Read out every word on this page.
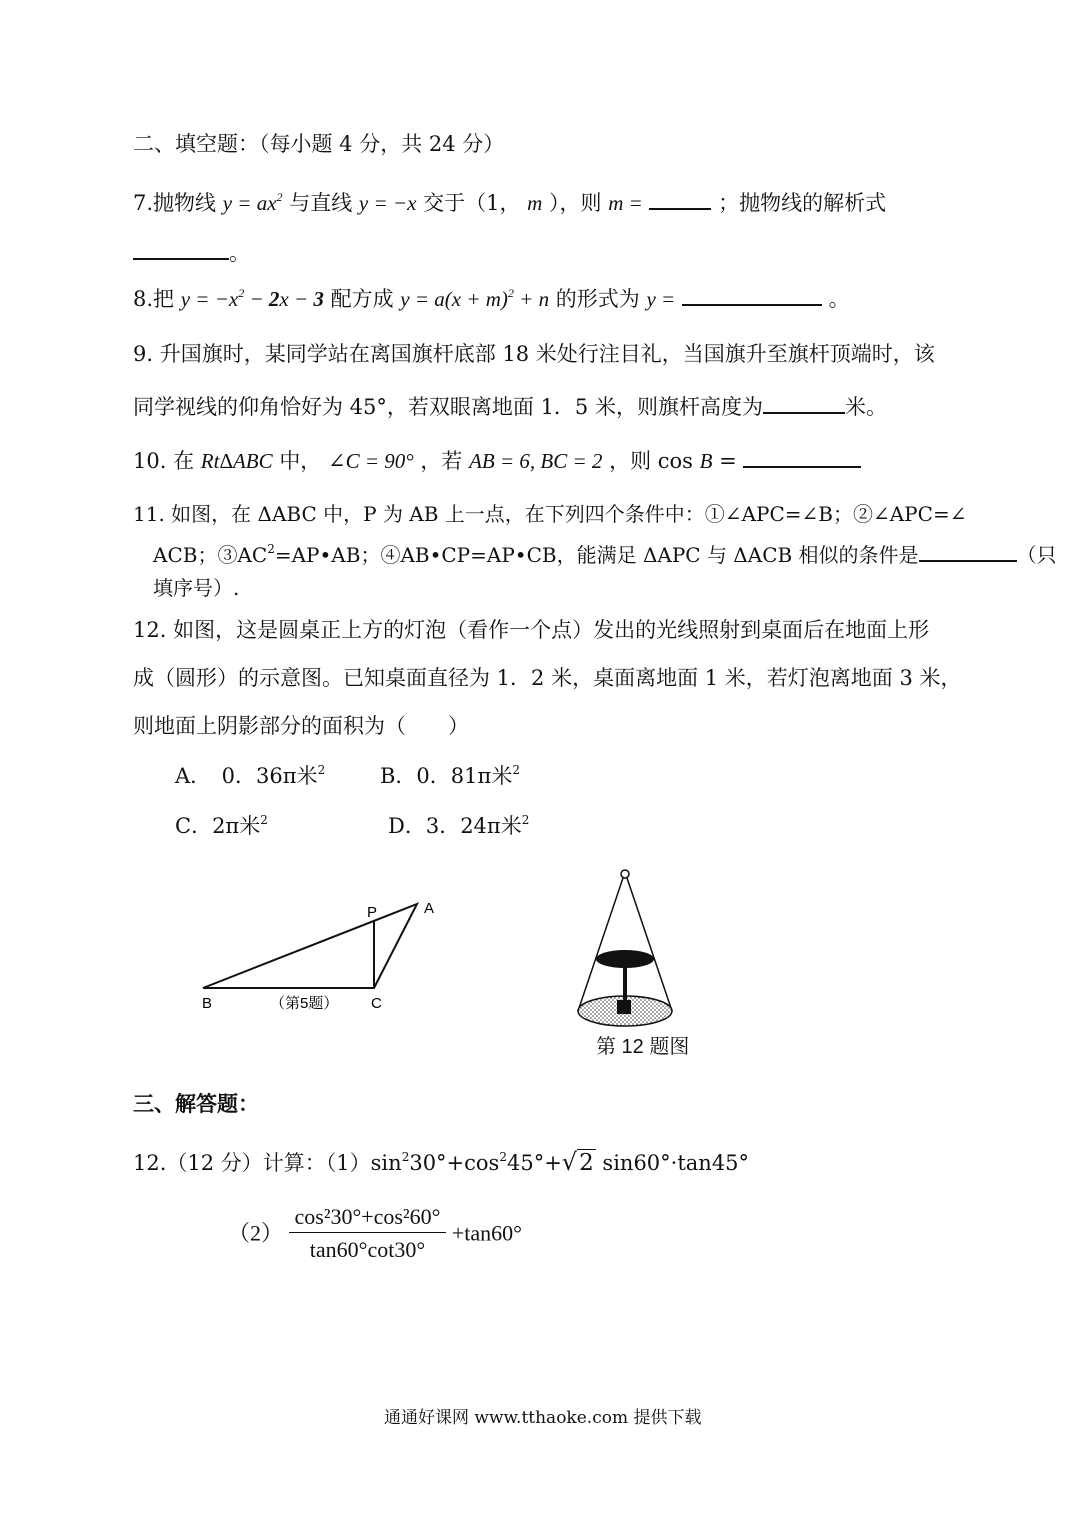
二、填空题：（每小题 4 分，共 24 分）
7.抛物线 $y = ax^2$ 与直线 y = −x 交于（1， m ），则 m =	；抛物线的解析式
。
8.把 $y = -x^2 - 2x - 3$ 配方成 $y = a(x + m)^2 + n$ 的形式为 y =	。
9. 升国旗时，某同学站在离国旗杆底部 18 米处行注目礼，当国旗升至旗杆顶端时，该
同学视线的仰角恰好为 45°，若双眼离地面 1．5 米，则旗杆高度为	米。
10. 在 RtΔABC 中， ∠C = 90° ，若 AB = 6, BC = 2 ，则 cos B =
11. 如图，在 ΔABC 中，P 为 AB 上一点，在下列四个条件中：①∠APC=∠B；②∠APC=∠
ACB；$③AC^2=AP•AB$；④AB•CP=AP•CB，能满足 ΔAPC 与 ΔACB 相似的条件是	（只
填序号）.
12. 如图，这是圆桌正上方的灯泡（看作一个点）发出的光线照射到桌面后在地面上形
成（圆形）的示意图。已知桌面直径为 1．2 米，桌面离地面 1 米，若灯泡离地面 3 米，
则地面上阴影部分的面积为（　　）
A．　0．36π米$^2$	B．0．81π米$^2$
C．2π米$^2$	D．3．24π米$^2$
P	A
B	C
（第5题）
第 12 题图
三、解答题：
12.（12 分）计算：$(1)\sin^230^\circ+\cos^245^\circ+√2$ sin60°·tan45°
$(2) \frac{\text{cos²30°+cos²60°}}{\tan 60^\circ\cot 30^\circ} +\tan 60^\circ$
通通好课网 www.tthaoke.com 提供下载
